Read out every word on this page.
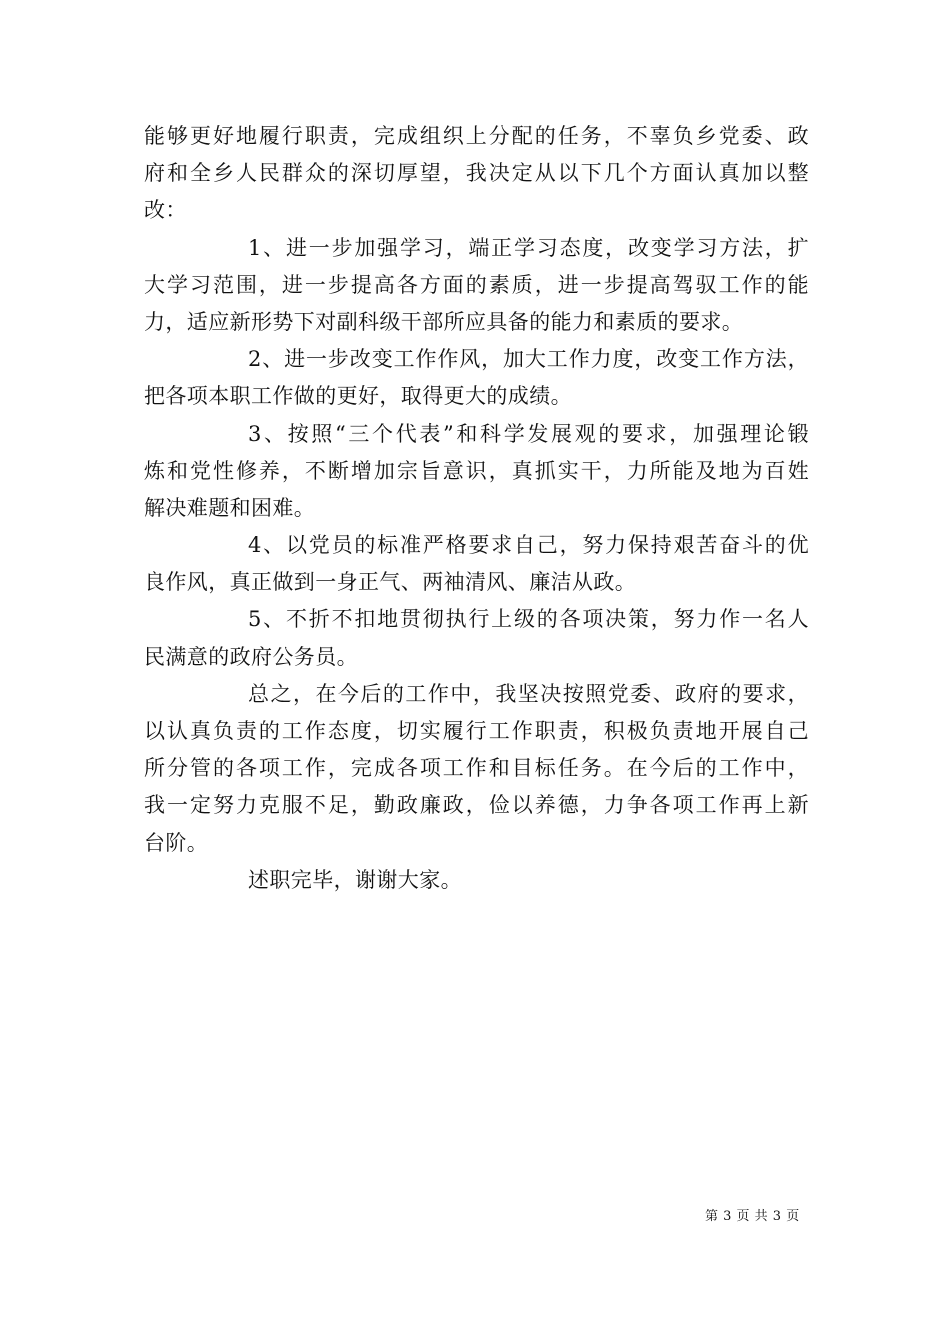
能够更好地履行职责，完成组织上分配的任务，不辜负乡党委、政
府和全乡人民群众的深切厚望，我决定从以下几个方面认真加以整
改：
1、进一步加强学习，端正学习态度，改变学习方法，扩
大学习范围，进一步提高各方面的素质，进一步提高驾驭工作的能
力，适应新形势下对副科级干部所应具备的能力和素质的要求。
2、进一步改变工作作风，加大工作力度，改变工作方法，
把各项本职工作做的更好，取得更大的成绩。
3、按照“三个代表”和科学发展观的要求，加强理论锻
炼和党性修养，不断增加宗旨意识，真抓实干，力所能及地为百姓
解决难题和困难。
4、以党员的标准严格要求自己，努力保持艰苦奋斗的优
良作风，真正做到一身正气、两袖清风、廉洁从政。
5、不折不扣地贯彻执行上级的各项决策，努力作一名人
民满意的政府公务员。
总之，在今后的工作中，我坚决按照党委、政府的要求，
以认真负责的工作态度，切实履行工作职责，积极负责地开展自己
所分管的各项工作，完成各项工作和目标任务。在今后的工作中，
我一定努力克服不足，勤政廉政，俭以养德，力争各项工作再上新
台阶。
述职完毕，谢谢大家。
第 3 页 共 3 页
